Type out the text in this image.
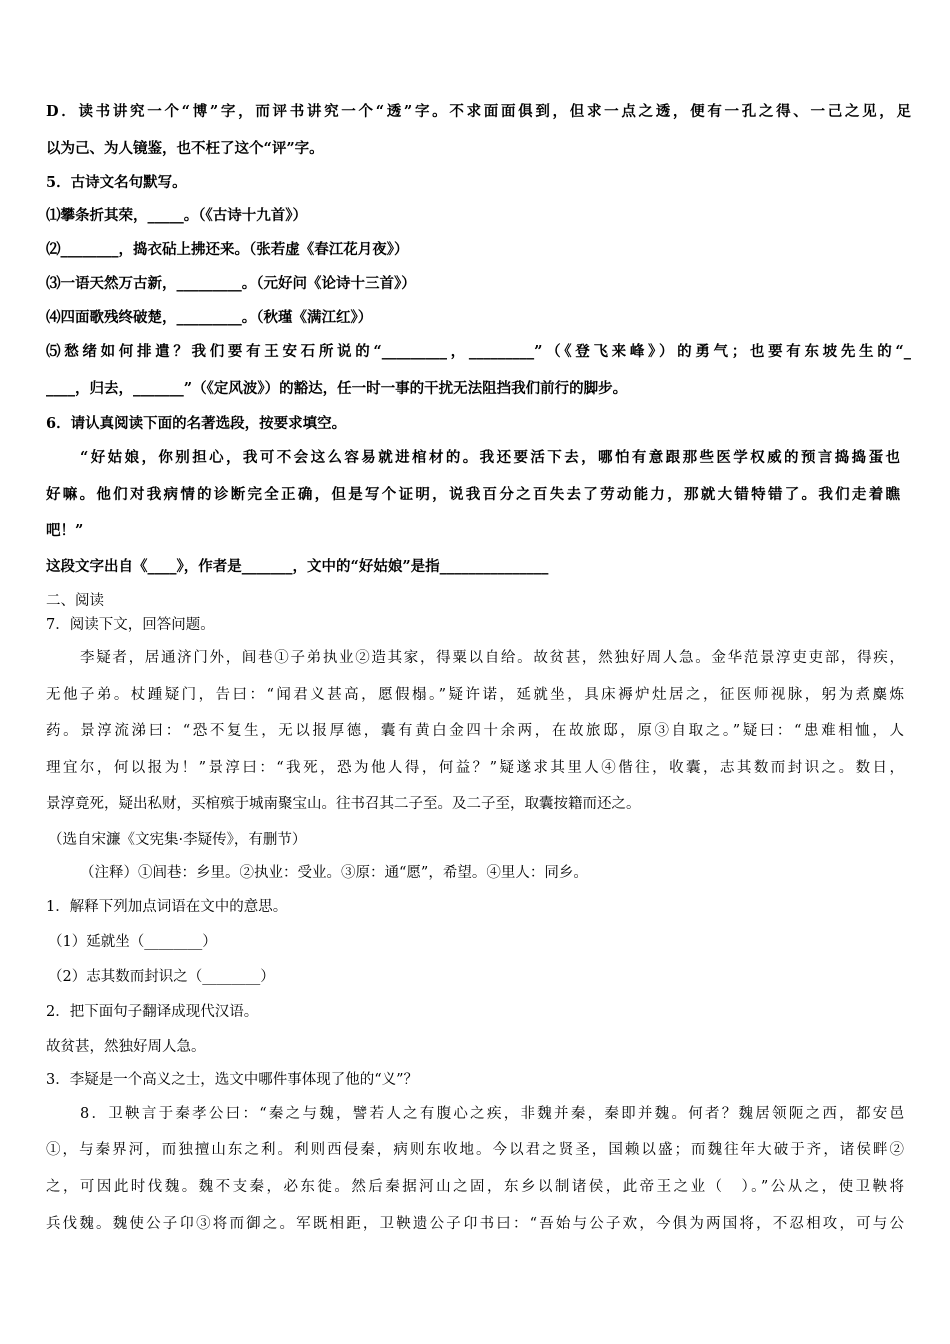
D．读书讲究一个“博”字，而评书讲究一个“透”字。不求面面俱到，但求一点之透，便有一孔之得、一己之见，足
以为己、为人镜鉴，也不枉了这个“评”字。
5．古诗文名句默写。
⑴攀条折其荣，_____。（《古诗十九首》）
⑵________，捣衣砧上拂还来。（张若虚《春江花月夜》）
⑶一语天然万古新，_________。（元好问《论诗十三首》）
⑷四面歌残终破楚，_________。（秋瑾《满江红》）
⑸愁绪如何排遣？我们要有王安石所说的“_________，_________”（《登飞来峰》）的勇气；也要有东坡先生的“_
____，归去，_______”（《定风波》）的豁达，任一时一事的干扰无法阻挡我们前行的脚步。
6．请认真阅读下面的名著选段，按要求填空。
“好姑娘，你别担心，我可不会这么容易就进棺材的。我还要活下去，哪怕有意跟那些医学权威的预言捣捣蛋也
好嘛。他们对我病情的诊断完全正确，但是写个证明，说我百分之百失去了劳动能力，那就大错特错了。我们走着瞧
吧！”
这段文字出自《____》，作者是_______，文中的“好姑娘”是指_______________
二、阅读
7．阅读下文，回答问题。
李疑者，居通济门外，闾巷①子弟执业②造其家，得粟以自给。故贫甚，然独好周人急。金华范景淳吏吏部，得疾，
无他子弟。杖踵疑门，告曰：“闻君义甚高，愿假榻。”疑许诺，延就坐，具床褥炉灶居之，征医师视脉，躬为煮麋炼
药。景淳流涕曰：“恐不复生，无以报厚德，囊有黄白金四十余两，在故旅邸，原③自取之。”疑曰：“患难相恤，人
理宜尔，何以报为！”景淳曰：“我死，恐为他人得，何益？”疑遂求其里人④偕往，收囊，志其数而封识之。数日，
景淳竟死，疑出私财，买棺殡于城南聚宝山。往书召其二子至。及二子至，取囊按籍而还之。
（选自宋濂《文宪集·李疑传》，有删节）
（注释）①闾巷：乡里。②执业：受业。③原：通“愿”，希望。④里人：同乡。
1．解释下列加点词语在文中的意思。
（1）延就坐（________）
（2）志其数而封识之（________）
2．把下面句子翻译成现代汉语。
故贫甚，然独好周人急。
3．李疑是一个高义之士，选文中哪件事体现了他的“义”？
8．卫鞅言于秦孝公曰：“秦之与魏，譬若人之有腹心之疾，非魏并秦，秦即并魏。何者？魏居领阨之西，都安邑
①，与秦界河，而独擅山东之利。利则西侵秦，病则东收地。今以君之贤圣，国赖以盛；而魏往年大破于齐，诸侯畔②
之，可因此时伐魏。魏不支秦，必东徙。然后秦据河山之固，东乡以制诸侯，此帝王之业（　）。”公从之，使卫鞅将
兵伐魏。魏使公子卬③将而御之。军既相距，卫鞅遗公子卬书曰：“吾始与公子欢，今俱为两国将，不忍相攻，可与公
